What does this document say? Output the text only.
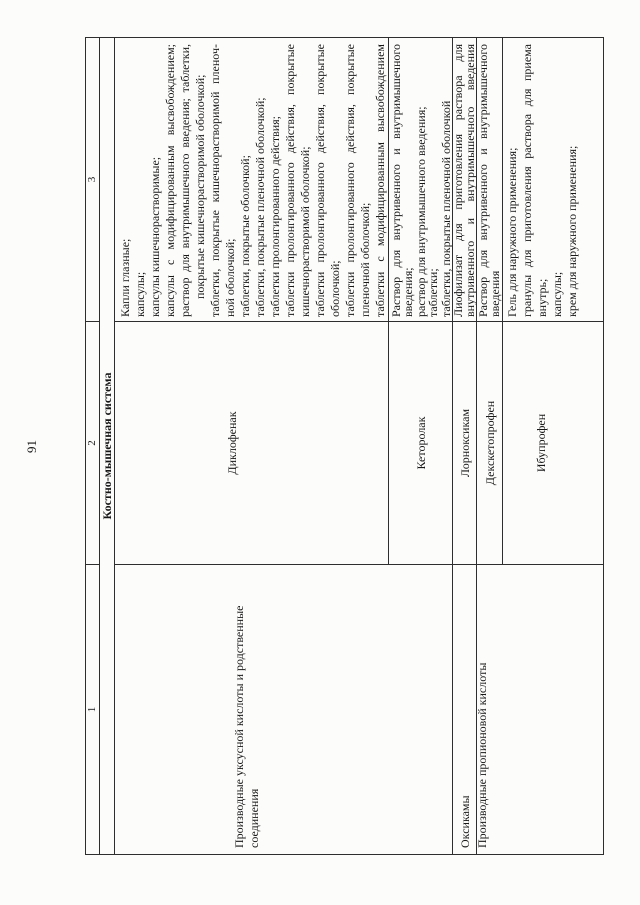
91
1
2
3
Костно-мышечная система
Производные уксусной кислоты и родственные соединения
Диклофенак
Капли глазные; капсулы; капсулы кишечнорастворимые; капсулы с модифицированным высвобождением; раствор для внутримышечного введения; таблетки, покрытые кишечнорастворимой оболочкой; таблетки, покрытые кишечнорастворимой пленоч- ной оболочкой; таблетки, покрытые оболочкой; таблетки, покрытые пленочной оболочкой; таблетки пролонгированного действия; таблетки пролонгированного действия, покрытые кишечнорастворимой оболочкой; таблетки пролонгированного действия, покрытые оболочкой; таблетки пролонгированного действия, покрытые пленочной оболочкой; таблетки с модифицированным высвобождением
Кеторолак
Раствор для внутривенного и внутримышечного
введения;
раствор для внутримышечного введения;
таблетки;
таблетки, покрытые пленочной оболочкой
Оксикамы
Лорноксикам
Лиофилизат для приготовления раствора для
внутривенного и внутримышечного введения
Производные пропионовой кислоты
Декскетопрофен
Раствор для внутривенного и внутримышечного
введения
Ибупрофен
Гель для наружного применения; гранулы для приготовления раствора для приема внутрь; капсулы; крем для наружного применения;
